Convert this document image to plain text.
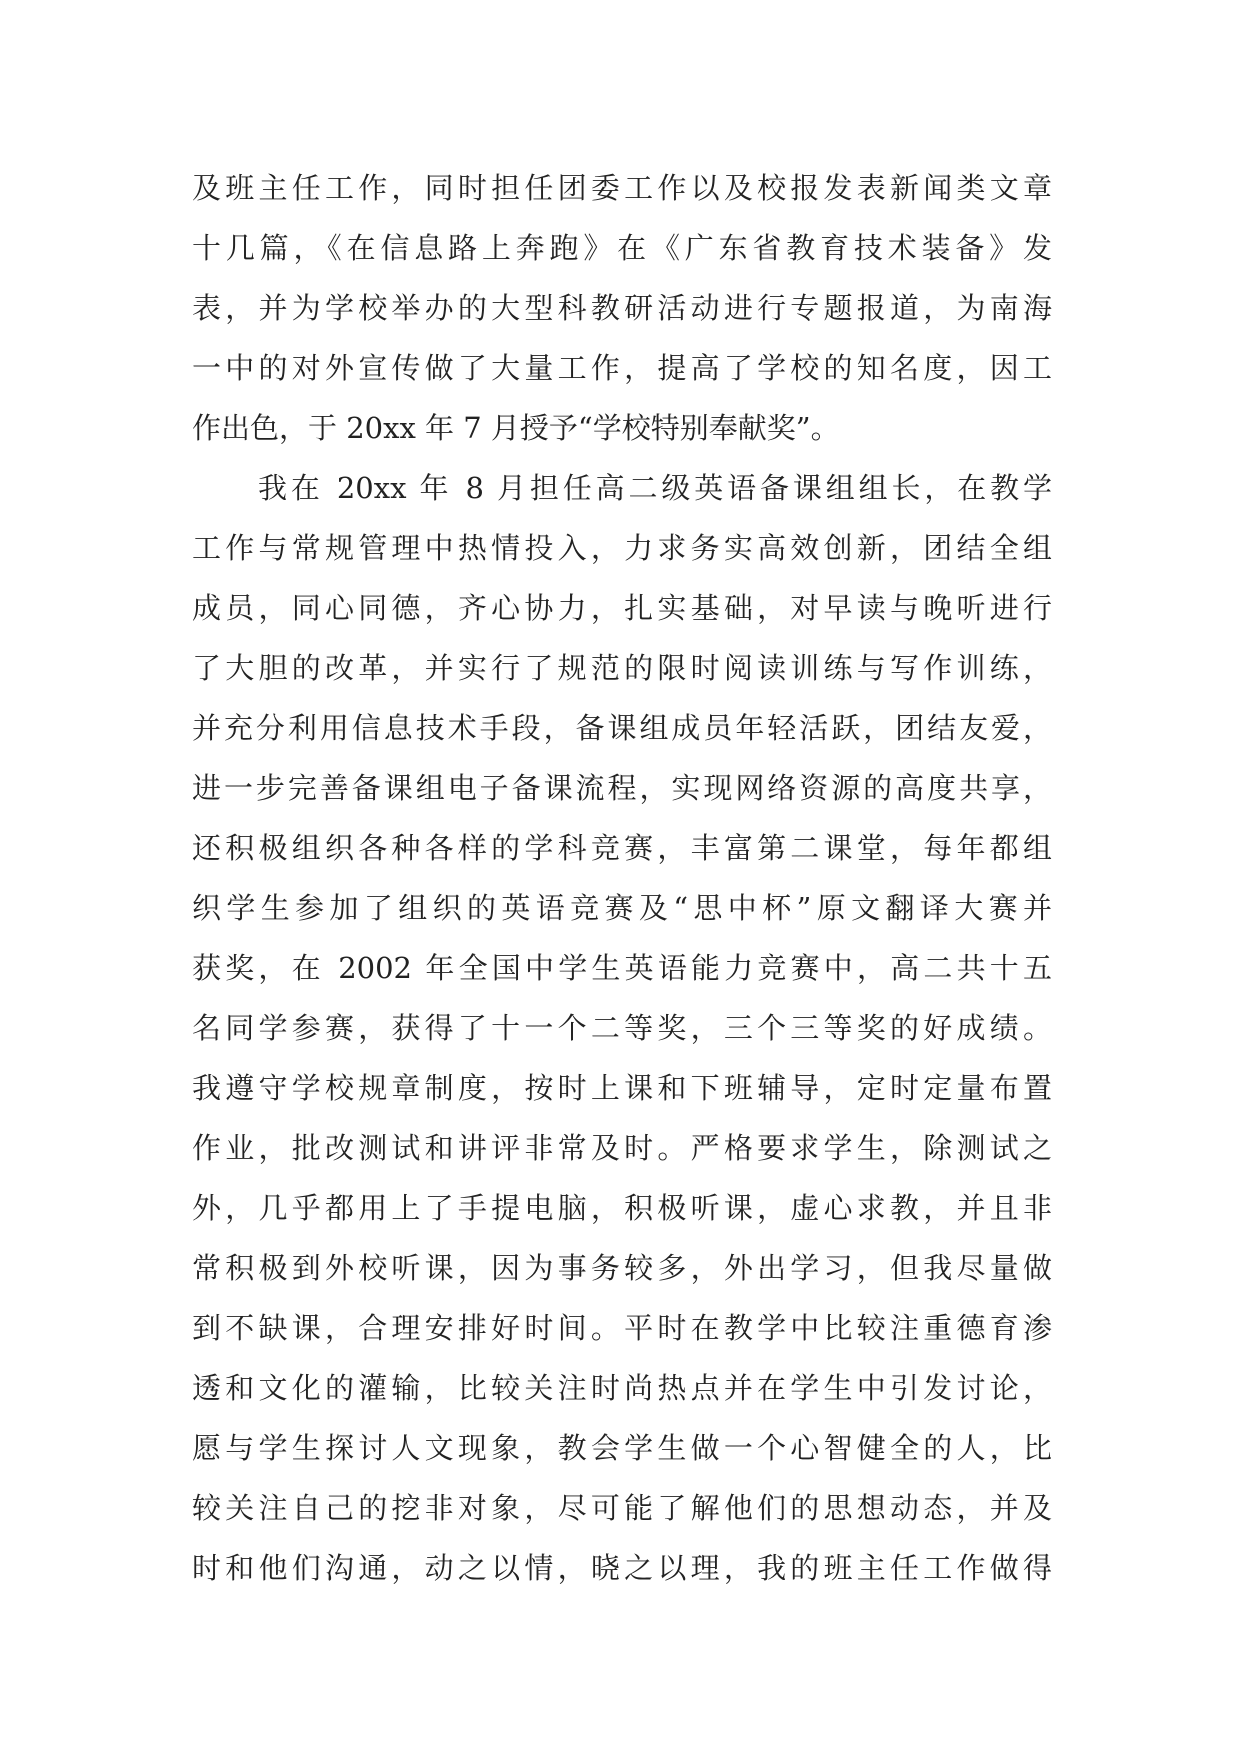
及班主任工作，同时担任团委工作以及校报发表新闻类文章
十几篇，《在信息路上奔跑》在《广东省教育技术装备》发
表，并为学校举办的大型科教研活动进行专题报道，为南海
一中的对外宣传做了大量工作，提高了学校的知名度，因工
作出色，于 20xx 年 7 月授予“学校特别奉献奖”。
我在 20xx 年 8 月担任高二级英语备课组组长，在教学
工作与常规管理中热情投入，力求务实高效创新，团结全组
成员，同心同德，齐心协力，扎实基础，对早读与晚听进行
了大胆的改革，并实行了规范的限时阅读训练与写作训练，
并充分利用信息技术手段，备课组成员年轻活跃，团结友爱，
进一步完善备课组电子备课流程，实现网络资源的高度共享，
还积极组织各种各样的学科竞赛，丰富第二课堂，每年都组
织学生参加了组织的英语竞赛及“思中杯”原文翻译大赛并
获奖，在 2002 年全国中学生英语能力竞赛中，高二共十五
名同学参赛，获得了十一个二等奖，三个三等奖的好成绩。
我遵守学校规章制度，按时上课和下班辅导，定时定量布置
作业，批改测试和讲评非常及时。严格要求学生，除测试之
外，几乎都用上了手提电脑，积极听课，虚心求教，并且非
常积极到外校听课，因为事务较多，外出学习，但我尽量做
到不缺课，合理安排好时间。平时在教学中比较注重德育渗
透和文化的灌输，比较关注时尚热点并在学生中引发讨论，
愿与学生探讨人文现象，教会学生做一个心智健全的人，比
较关注自己的挖非对象，尽可能了解他们的思想动态，并及
时和他们沟通，动之以情，晓之以理，我的班主任工作做得
